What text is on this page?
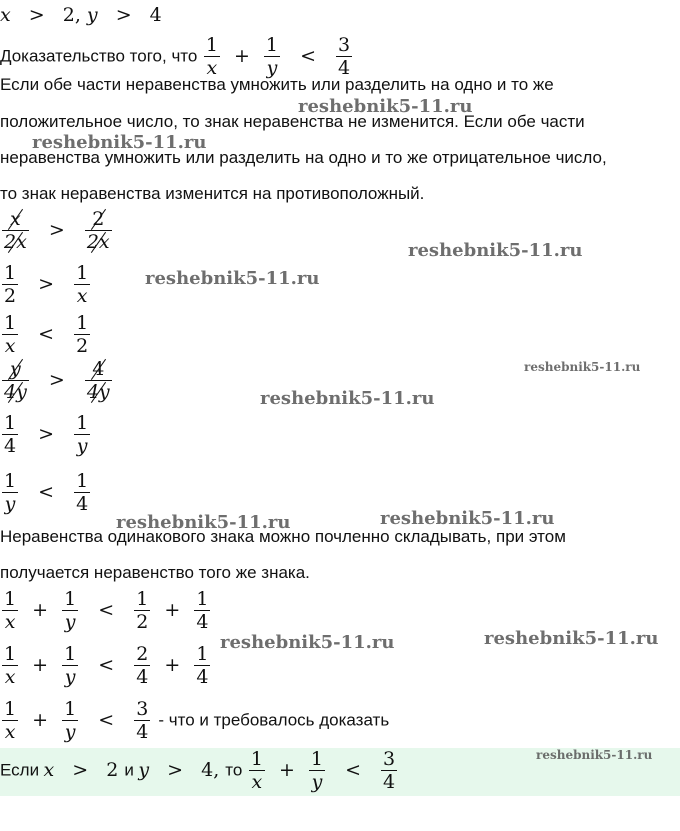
x > 2, y > 4
Доказательство того, что $\frac{1}{x} + \frac{1}{y} < \frac{3}{4}$
Если обе части неравенства умножить или разделить на одно и то же
положительное число, то знак неравенства не изменится. Если обе части
неравенства умножить или разделить на одно и то же отрицательное число,
то знак неравенства изменится на противоположный.
$\frac{x}{2x} > \frac{2}{2x}$
$\frac{1}{2} > \frac{1}{x}$
$\frac{1}{x} < \frac{1}{2}$
$\frac{y}{4y} > \frac{4}{4y}$
$\frac{1}{4} > \frac{1}{y}$
$\frac{1}{y} < \frac{1}{4}$
Неравенства одинакового знака можно почленно складывать, при этом
получается неравенство того же знака.
$\frac{1}{x} + \frac{1}{y} < \frac{1}{2} + \frac{1}{4}$
$\frac{1}{x} + \frac{1}{y} < \frac{2}{4} + \frac{1}{4}$
$\frac{1}{x} + \frac{1}{y} < \frac{3}{4}$ - что и требовалось доказать
Если x > 2 и y > 4, то $\frac{1}{x} + \frac{1}{y} < \frac{3}{4}$
reshebnik5-11.ru
reshebnik5-11.ru
reshebnik5-11.ru
reshebnik5-11.ru
reshebnik5-11.ru
reshebnik5-11.ru
reshebnik5-11.ru	reshebnik5-11.ru
reshebnik5-11.ru	reshebnik5-11.ru
reshebnik5-11.ru
